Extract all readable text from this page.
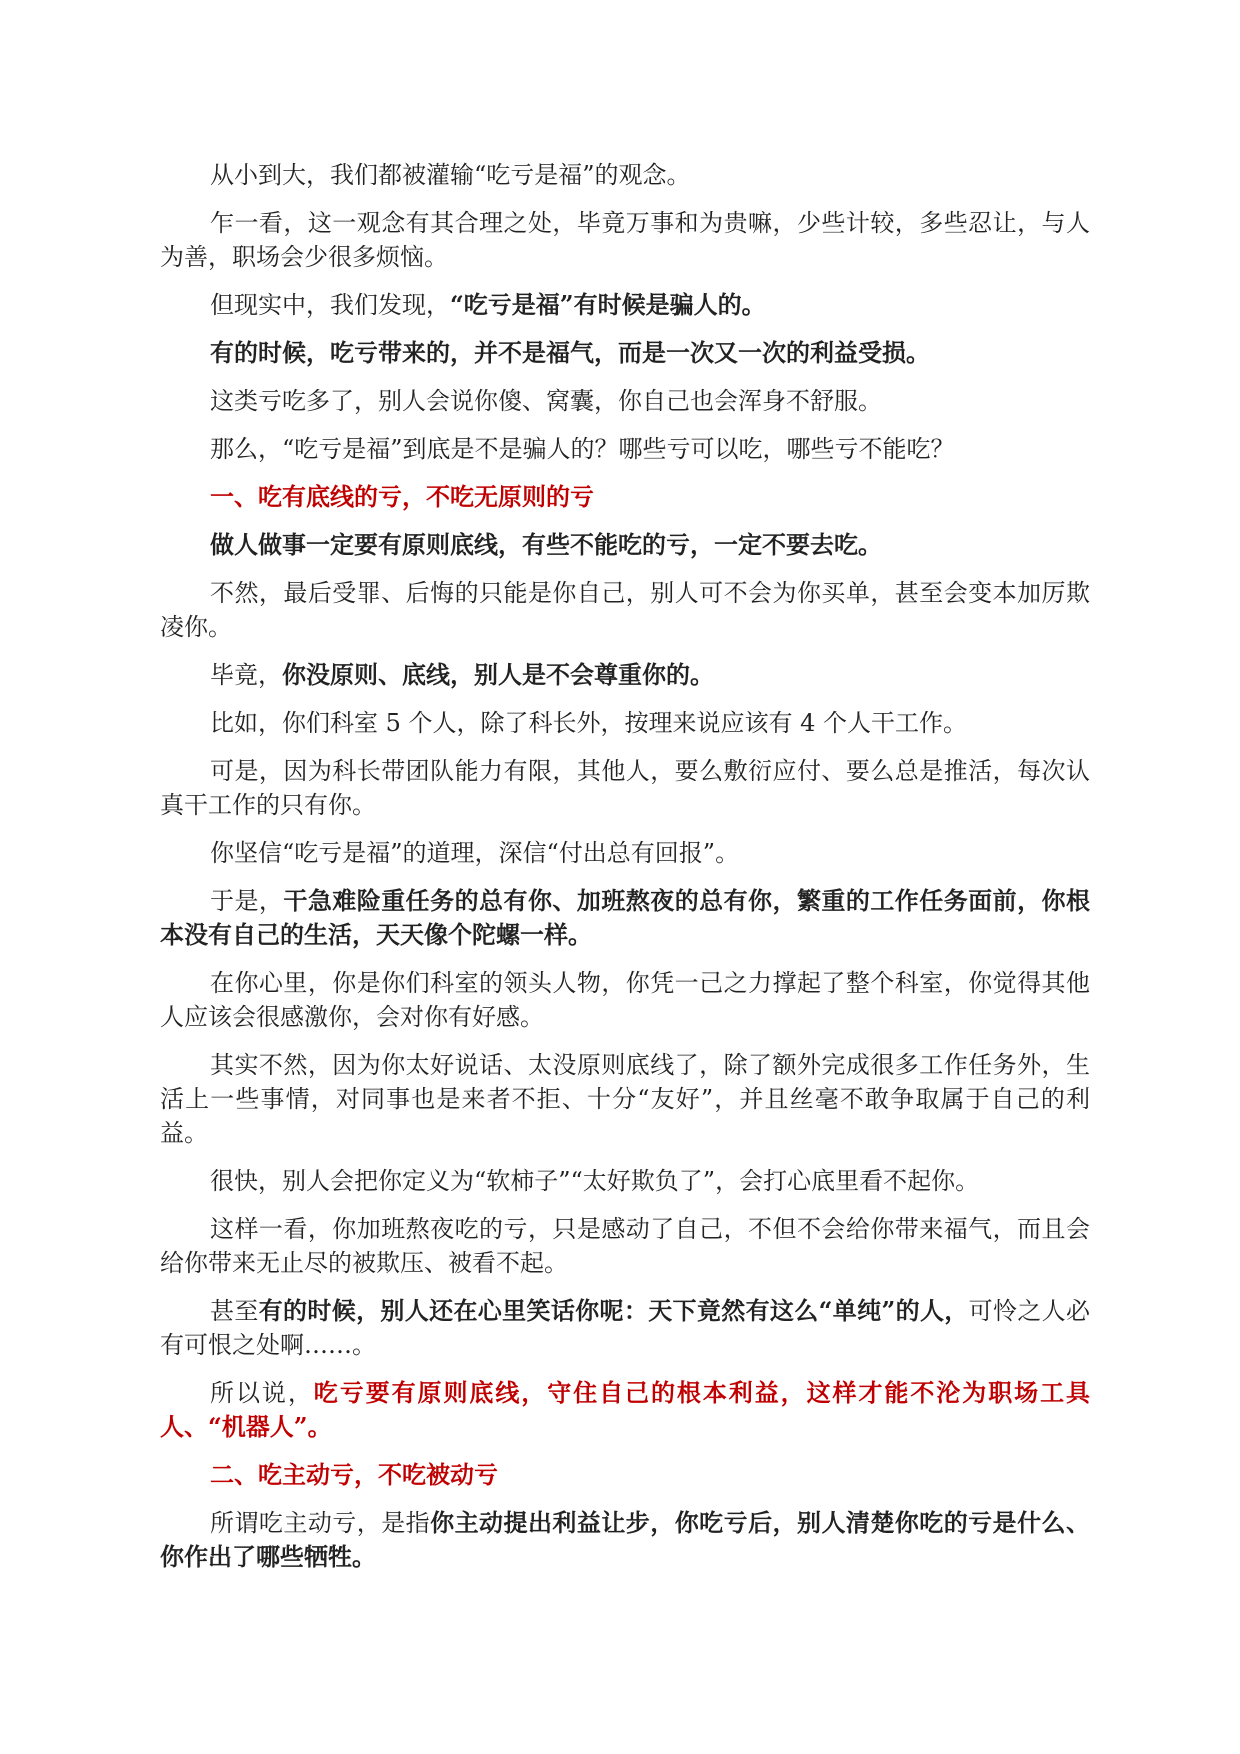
从小到大，我们都被灌输“吃亏是福”的观念。

乍一看，这一观念有其合理之处，毕竟万事和为贵嘛，少些计较，多些忍让，与人为善，职场会少很多烦恼。

但现实中，我们发现，“吃亏是福”有时候是骗人的。

有的时候，吃亏带来的，并不是福气，而是一次又一次的利益受损。

这类亏吃多了，别人会说你傻、窝囊，你自己也会浑身不舒服。

那么，“吃亏是福”到底是不是骗人的？哪些亏可以吃，哪些亏不能吃？

一、吃有底线的亏，不吃无原则的亏

做人做事一定要有原则底线，有些不能吃的亏，一定不要去吃。

不然，最后受罪、后悔的只能是你自己，别人可不会为你买单，甚至会变本加厉欺凌你。

毕竟，你没原则、底线，别人是不会尊重你的。

比如，你们科室 5 个人，除了科长外，按理来说应该有 4 个人干工作。

可是，因为科长带团队能力有限，其他人，要么敷衍应付、要么总是推活，每次认真干工作的只有你。

你坚信“吃亏是福”的道理，深信“付出总有回报”。

于是，干急难险重任务的总有你、加班熬夜的总有你，繁重的工作任务面前，你根本没有自己的生活，天天像个陀螺一样。

在你心里，你是你们科室的领头人物，你凭一己之力撑起了整个科室，你觉得其他人应该会很感激你，会对你有好感。

其实不然，因为你太好说话、太没原则底线了，除了额外完成很多工作任务外，生活上一些事情，对同事也是来者不拒、十分“友好”，并且丝毫不敢争取属于自己的利益。

很快，别人会把你定义为“软柿子”“太好欺负了”，会打心底里看不起你。

这样一看，你加班熬夜吃的亏，只是感动了自己，不但不会给你带来福气，而且会给你带来无止尽的被欺压、被看不起。

甚至有的时候，别人还在心里笑话你呢：天下竟然有这么“单纯”的人，可怜之人必有可恨之处啊……。

所以说，吃亏要有原则底线，守住自己的根本利益，这样才能不沦为职场工具人、“机器人”。

二、吃主动亏，不吃被动亏

所谓吃主动亏，是指你主动提出利益让步，你吃亏后，别人清楚你吃的亏是什么、你作出了哪些牺牲。
